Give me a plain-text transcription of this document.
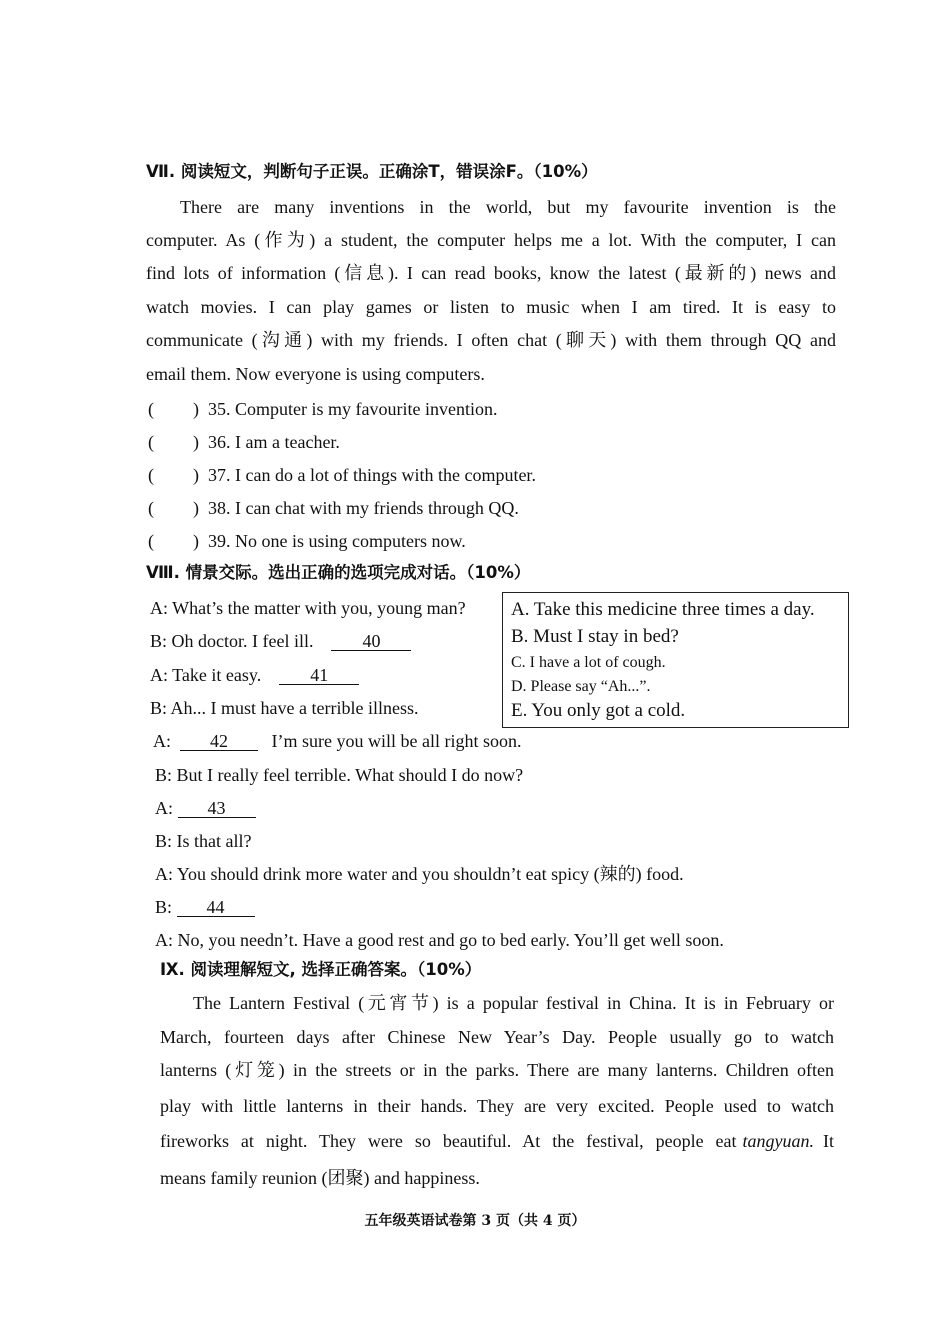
Ⅶ. 阅读短文，判断句子正误。正确涂T，错误涂F。（10%）
There are many inventions in the world, but my favourite invention is the
computer. As (作为) a student, the computer helps me a lot. With the computer, I can
find lots of information (信息). I can read books, know the latest (最新的) news and
watch movies. I can play games or listen to music when I am tired. It is easy to
communicate (沟通) with my friends. I often chat (聊天) with them through QQ and
email them. Now everyone is using computers.
( ) 35. Computer is my favourite invention.
( ) 36. I am a teacher.
( ) 37. I can do a lot of things with the computer.
( ) 38. I can chat with my friends through QQ.
( ) 39. No one is using computers now.
Ⅷ. 情景交际。选出正确的选项完成对话。（10%）
A: What’s the matter with you, young man?
B: Oh doctor. I feel ill.	40
A: Take it easy.	41
B: Ah... I must have a terrible illness.
A: 42 I’m sure you will be all right soon.
B: But I really feel terrible. What should I do now?
A: 43
B: Is that all?
A: You should drink more water and you shouldn’t eat spicy (辣的) food.
B: 44
A: No, you needn’t. Have a good rest and go to bed early. You’ll get well soon.
A. Take this medicine three times a day.
B. Must I stay in bed?
C. I have a lot of cough.
D. Please say “Ah...”.
E. You only got a cold.
Ⅸ. 阅读理解短文, 选择正确答案。（10%）
The Lantern Festival (元宵节) is a popular festival in China. It is in February or
March, fourteen days after Chinese New Year’s Day. People usually go to watch
lanterns (灯笼) in the streets or in the parks. There are many lanterns. Children often
play with little lanterns in their hands. They are very excited. People used to watch
fireworks at night. They were so beautiful. At the festival, people eat tangyuan.
It
means family reunion (团聚) and happiness.
五年级英语试卷第 3 页（共 4 页）
